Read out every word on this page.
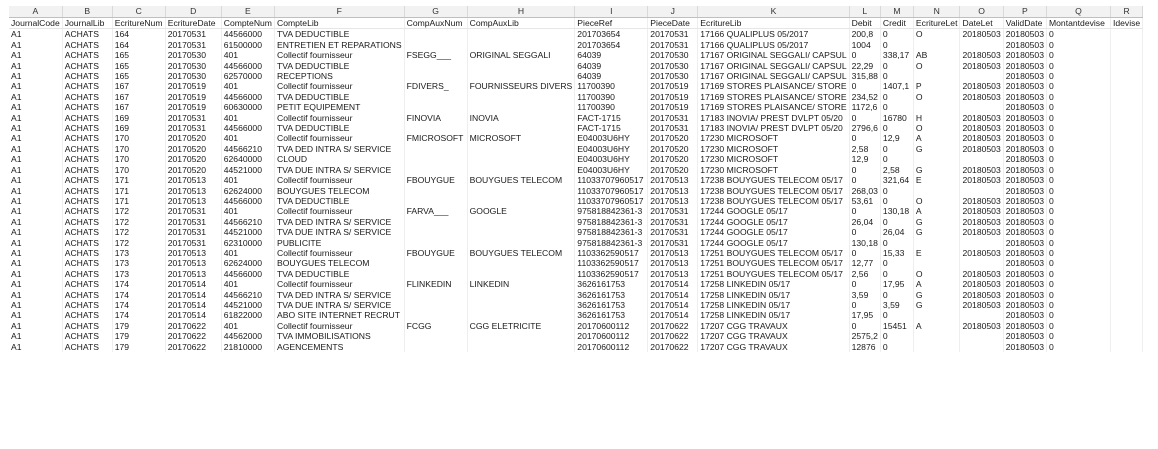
A	B	C	D	E	F	G	H	I	J	K	L	M	N	O	P	Q	R
JournalCode	JournalLib	EcritureNum	EcritureDate	CompteNum	CompteLib	CompAuxNum	CompAuxLib	PieceRef	PieceDate	EcritureLib	Debit	Credit	EcritureLet	DateLet	ValidDate	Montantdevise	Idevise
A1	ACHATS	164	20170531	44566000	TVA DEDUCTIBLE			201703654	20170531	17166 QUALIPLUS 05/2017	200,8	0	O	20180503	20180503	0	
A1	ACHATS	164	20170531	61500000	ENTRETIEN ET REPARATIONS			201703654	20170531	17166 QUALIPLUS 05/2017	1004	0			20180503	0	
A1	ACHATS	165	20170530	401	Collectif fournisseur	FSEGG___	ORIGINAL SEGGALI	64039	20170530	17167 ORIGINAL SEGGALI/ CAPSUL	0	338,17	AB	20180503	20180503	0	
A1	ACHATS	165	20170530	44566000	TVA DEDUCTIBLE			64039	20170530	17167 ORIGINAL SEGGALI/ CAPSUL	22,29	0	O	20180503	20180503	0	
A1	ACHATS	165	20170530	62570000	RECEPTIONS			64039	20170530	17167 ORIGINAL SEGGALI/ CAPSUL	315,88	0			20180503	0	
A1	ACHATS	167	20170519	401	Collectif fournisseur	FDIVERS_	FOURNISSEURS DIVERS	11700390	20170519	17169 STORES PLAISANCE/ STORE	0	1407,1	P	20180503	20180503	0	
A1	ACHATS	167	20170519	44566000	TVA DEDUCTIBLE			11700390	20170519	17169 STORES PLAISANCE/ STORE	234,52	0	O	20180503	20180503	0	
A1	ACHATS	167	20170519	60630000	PETIT EQUIPEMENT			11700390	20170519	17169 STORES PLAISANCE/ STORE	1172,6	0			20180503	0	
A1	ACHATS	169	20170531	401	Collectif fournisseur	FINOVIA	INOVIA	FACT-1715	20170531	17183 INOVIA/ PREST DVLPT 05/20	0	16780	H	20180503	20180503	0	
A1	ACHATS	169	20170531	44566000	TVA DEDUCTIBLE			FACT-1715	20170531	17183 INOVIA/ PREST DVLPT 05/20	2796,6	0	O	20180503	20180503	0	
A1	ACHATS	170	20170520	401	Collectif fournisseur	FMICROSOFT	MICROSOFT	E04003U6HY	20170520	17230 MICROSOFT	0	12,9	A	20180503	20180503	0	
A1	ACHATS	170	20170520	44566210	TVA DED INTRA S/ SERVICE			E04003U6HY	20170520	17230 MICROSOFT	2,58	0	G	20180503	20180503	0	
A1	ACHATS	170	20170520	62640000	CLOUD			E04003U6HY	20170520	17230 MICROSOFT	12,9	0			20180503	0	
A1	ACHATS	170	20170520	44521000	TVA DUE INTRA S/ SERVICE			E04003U6HY	20170520	17230 MICROSOFT	0	2,58	G	20180503	20180503	0	
A1	ACHATS	171	20170513	401	Collectif fournisseur	FBOUYGUE	BOUYGUES TELECOM	11033707960517	20170513	17238 BOUYGUES TELECOM 05/17	0	321,64	E	20180503	20180503	0	
A1	ACHATS	171	20170513	62624000	BOUYGUES TELECOM			11033707960517	20170513	17238 BOUYGUES TELECOM 05/17	268,03	0			20180503	0	
A1	ACHATS	171	20170513	44566000	TVA DEDUCTIBLE			11033707960517	20170513	17238 BOUYGUES TELECOM 05/17	53,61	0	O	20180503	20180503	0	
A1	ACHATS	172	20170531	401	Collectif fournisseur	FARVA___	GOOGLE	975818842361-3	20170531	17244 GOOGLE 05/17	0	130,18	A	20180503	20180503	0	
A1	ACHATS	172	20170531	44566210	TVA DED INTRA S/ SERVICE			975818842361-3	20170531	17244 GOOGLE 05/17	26,04	0	G	20180503	20180503	0	
A1	ACHATS	172	20170531	44521000	TVA DUE INTRA S/ SERVICE			975818842361-3	20170531	17244 GOOGLE 05/17	0	26,04	G	20180503	20180503	0	
A1	ACHATS	172	20170531	62310000	PUBLICITE			975818842361-3	20170531	17244 GOOGLE 05/17	130,18	0			20180503	0	
A1	ACHATS	173	20170513	401	Collectif fournisseur	FBOUYGUE	BOUYGUES TELECOM	1103362590517	20170513	17251 BOUYGUES TELECOM 05/17	0	15,33	E	20180503	20180503	0	
A1	ACHATS	173	20170513	62624000	BOUYGUES TELECOM			1103362590517	20170513	17251 BOUYGUES TELECOM 05/17	12,77	0			20180503	0	
A1	ACHATS	173	20170513	44566000	TVA DEDUCTIBLE			1103362590517	20170513	17251 BOUYGUES TELECOM 05/17	2,56	0	O	20180503	20180503	0	
A1	ACHATS	174	20170514	401	Collectif fournisseur	FLINKEDIN	LINKEDIN	3626161753	20170514	17258 LINKEDIN 05/17	0	17,95	A	20180503	20180503	0	
A1	ACHATS	174	20170514	44566210	TVA DED INTRA S/ SERVICE			3626161753	20170514	17258 LINKEDIN 05/17	3,59	0	G	20180503	20180503	0	
A1	ACHATS	174	20170514	44521000	TVA DUE INTRA S/ SERVICE			3626161753	20170514	17258 LINKEDIN 05/17	0	3,59	G	20180503	20180503	0	
A1	ACHATS	174	20170514	61822000	ABO SITE INTERNET RECRUT			3626161753	20170514	17258 LINKEDIN 05/17	17,95	0			20180503	0	
A1	ACHATS	179	20170622	401	Collectif fournisseur	FCGG	CGG ELETRICITE	20170600112	20170622	17207 CGG TRAVAUX	0	15451	A	20180503	20180503	0	
A1	ACHATS	179	20170622	44562000	TVA IMMOBILISATIONS			20170600112	20170622	17207 CGG TRAVAUX	2575,2	0			20180503	0	
A1	ACHATS	179	20170622	21810000	AGENCEMENTS			20170600112	20170622	17207 CGG TRAVAUX	12876	0			20180503	0	
